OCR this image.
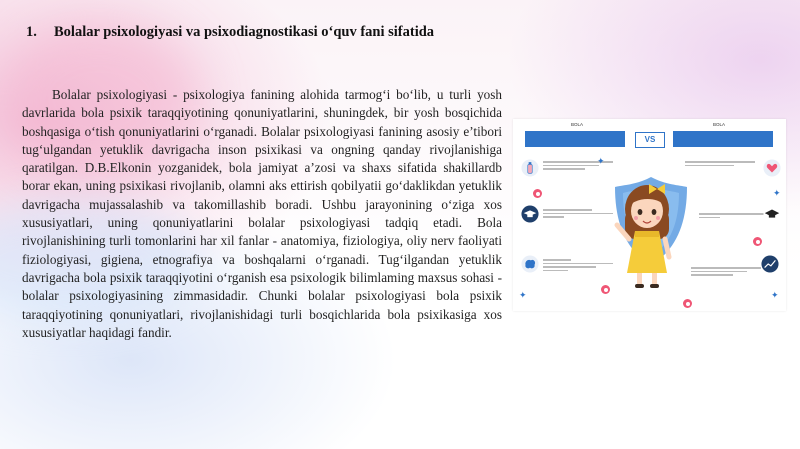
1. Bolalar psixologiyasi va psixodiagnostikasi o‘quv fani sifatida

Bolalar psixologiyasi - psixologiya fanining alohida tarmog‘i bo‘lib, u turli yosh davrlarida bola psixik taraqqiyotining qonuniyatlarini, shuningdek, bir yosh bosqichida boshqasiga o‘tish qonuniyatlarini o‘rganadi. Bolalar psixologiyasi fanining asosiy e’tibori tug‘ulgandan yetuklik davrigacha inson psixikasi va ongning qanday rivojlanishiga qaratilgan. D.B.Elkonin yozganidek, bola jamiyat a’zosi va shaxs sifatida shakillardb borar ekan, uning psixikasi rivojlanib, olamni aks ettirish qobilyatii go‘daklikdan yetuklik davrigacha mujassalashib va takomillashib boradi. Ushbu jarayonining o‘ziga xos xususiyatlari, uning qonuniyatlarini bolalar psixologiyasi tadqiq etadi. Bola rivojlanishining turli tomonlarini har xil fanlar - anatomiya, fiziologiya, oliy nerv faoliyati fiziologiyasi, gigiena, etnografiya va boshqalarni o‘rganadi. Tug‘ilgandan yetuklik davrigacha bola psixik taraqqiyotini o‘rganish esa psixologik bilimlaming maxsus sohasi - bolalar psixologiyasining zimmasidadir. Chunki bolalar psixologiyasi bola psixik taraqqiyotining qonuniyatlari, rivojlanishidagi turli bosqichlarida bola psixikasiga xos xususiyatlar haqidagi fandir.

BOLA	BOLA
VS
✦	✦
✦
✦
